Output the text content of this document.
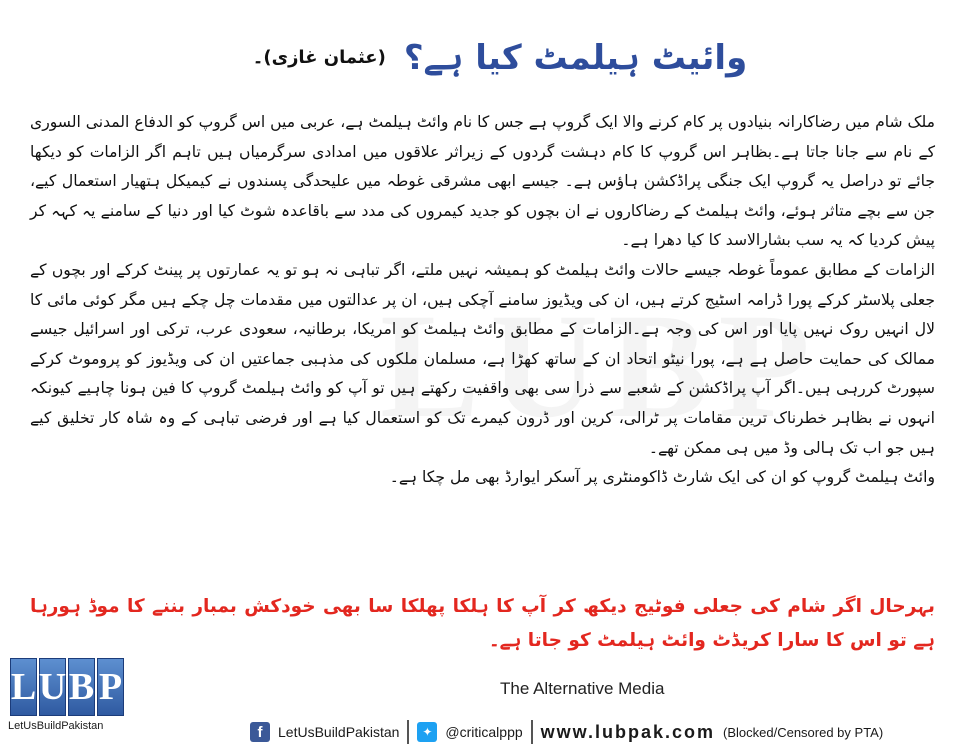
وائیٹ ہیلمٹ کیا ہے؟
(عثمان غازی)۔

ملک شام میں رضاکارانہ بنیادوں پر کام کرنے والا ایک گروپ ہے جس کا نام وائٹ ہیلمٹ ہے، عربی میں اس گروپ کو الدفاع المدنی السوری کے نام سے جانا جاتا ہے۔بظاہر اس گروپ کا کام دہشت گردوں کے زیراثر علاقوں میں امدادی سرگرمیاں ہیں تاہم اگر الزامات کو دیکھا جائے تو دراصل یہ گروپ ایک جنگی پراڈکشن ہاؤس ہے۔ جیسے ابھی مشرقی غوطہ میں علیحدگی پسندوں نے کیمیکل ہتھیار استعمال کیے، جن سے بچے متاثر ہوئے، وائٹ ہیلمٹ کے رضاکاروں نے ان بچوں کو جدید کیمروں کی مدد سے باقاعدہ شوٹ کیا اور دنیا کے سامنے یہ کہہ کر پیش کردیا کہ یہ سب بشارالاسد کا کیا دھرا ہے۔

الزامات کے مطابق عموماً غوطہ جیسے حالات وائٹ ہیلمٹ کو ہمیشہ نہیں ملتے، اگر تباہی نہ ہو تو یہ عمارتوں پر پینٹ کرکے اور بچوں کے جعلی پلاسٹر کرکے پورا ڈرامہ اسٹیج کرتے ہیں، ان کی ویڈیوز سامنے آچکی ہیں، ان پر عدالتوں میں مقدمات چل چکے ہیں مگر کوئی مائی کا لال انہیں روک نہیں پایا اور اس کی وجہ ہے۔الزامات کے مطابق وائٹ ہیلمٹ کو امریکا، برطانیہ، سعودی عرب، ترکی اور اسرائیل جیسے ممالک کی حمایت حاصل ہے ہے، پورا نیٹو اتحاد ان کے ساتھ کھڑا ہے، مسلمان ملکوں کی مذہبی جماعتیں ان کی ویڈیوز کو پروموٹ کرکے سپورٹ کررہی ہیں۔اگر آپ پراڈکشن کے شعبے سے ذرا سی بھی واقفیت رکھتے ہیں تو آپ کو وائٹ ہیلمٹ گروپ کا فین ہونا چاہیے کیونکہ انہوں نے بظاہر خطرناک ترین مقامات پر ٹرالی، کرین اور ڈرون کیمرے تک کو استعمال کیا ہے اور فرضی تباہی کے وہ شاہ کار تخلیق کیے ہیں جو اب تک ہالی وڈ میں ہی ممکن تھے۔

وائٹ ہیلمٹ گروپ کو ان کی ایک شارٹ ڈاکومنٹری پر آسکر ایوارڈ بھی مل چکا ہے۔

بہرحال اگر شام کی جعلی فوٹیج دیکھ کر آپ کا ہلکا پھلکا سا بھی خودکش بمبار بننے کا موڈ ہورہا ہے تو اس کا سارا کریڈٹ وائٹ ہیلمٹ کو جاتا ہے۔
The Alternative Media
L U B P
LetUsBuildPakistan	f	LetUsBuildPakistan	✦ @criticalppp www.lubpak.com (Blocked/Censored by PTA)
